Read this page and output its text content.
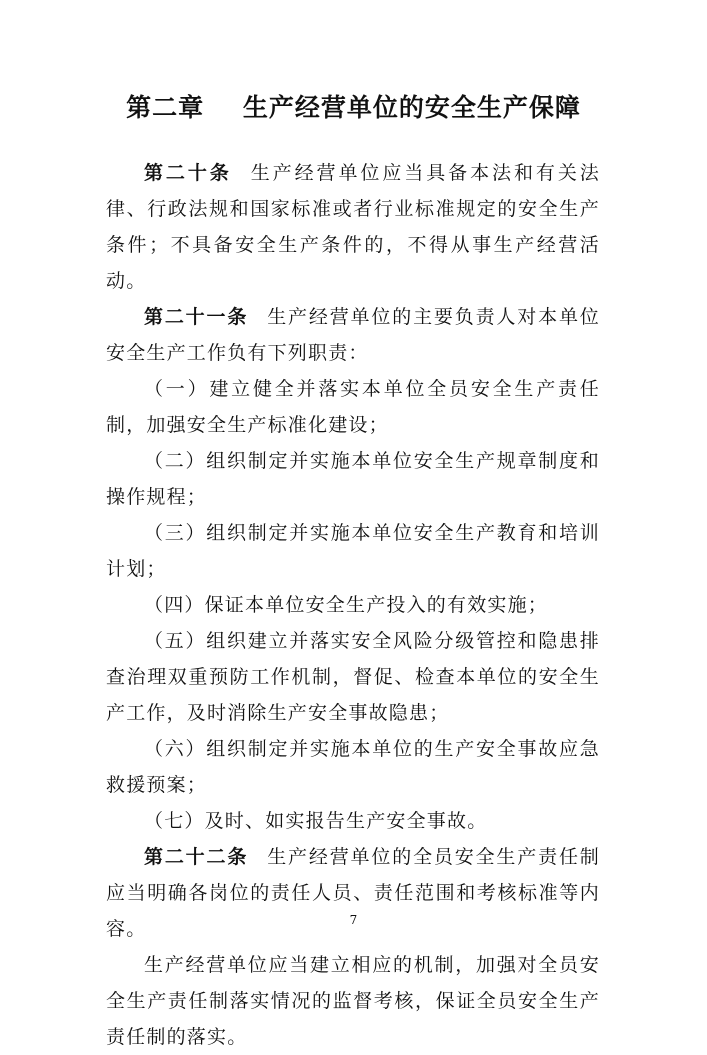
第二章    生产经营单位的安全生产保障

第二十条 生产经营单位应当具备本法和有关法律、行政法规和国家标准或者行业标准规定的安全生产条件；不具备安全生产条件的，不得从事生产经营活动。

第二十一条 生产经营单位的主要负责人对本单位安全生产工作负有下列职责：

（一）建立健全并落实本单位全员安全生产责任制，加强安全生产标准化建设；

（二）组织制定并实施本单位安全生产规章制度和操作规程；

（三）组织制定并实施本单位安全生产教育和培训计划；

（四）保证本单位安全生产投入的有效实施；

（五）组织建立并落实安全风险分级管控和隐患排查治理双重预防工作机制，督促、检查本单位的安全生产工作，及时消除生产安全事故隐患；

（六）组织制定并实施本单位的生产安全事故应急救援预案；

（七）及时、如实报告生产安全事故。

第二十二条 生产经营单位的全员安全生产责任制应当明确各岗位的责任人员、责任范围和考核标准等内容。

生产经营单位应当建立相应的机制，加强对全员安全生产责任制落实情况的监督考核，保证全员安全生产责任制的落实。

7
